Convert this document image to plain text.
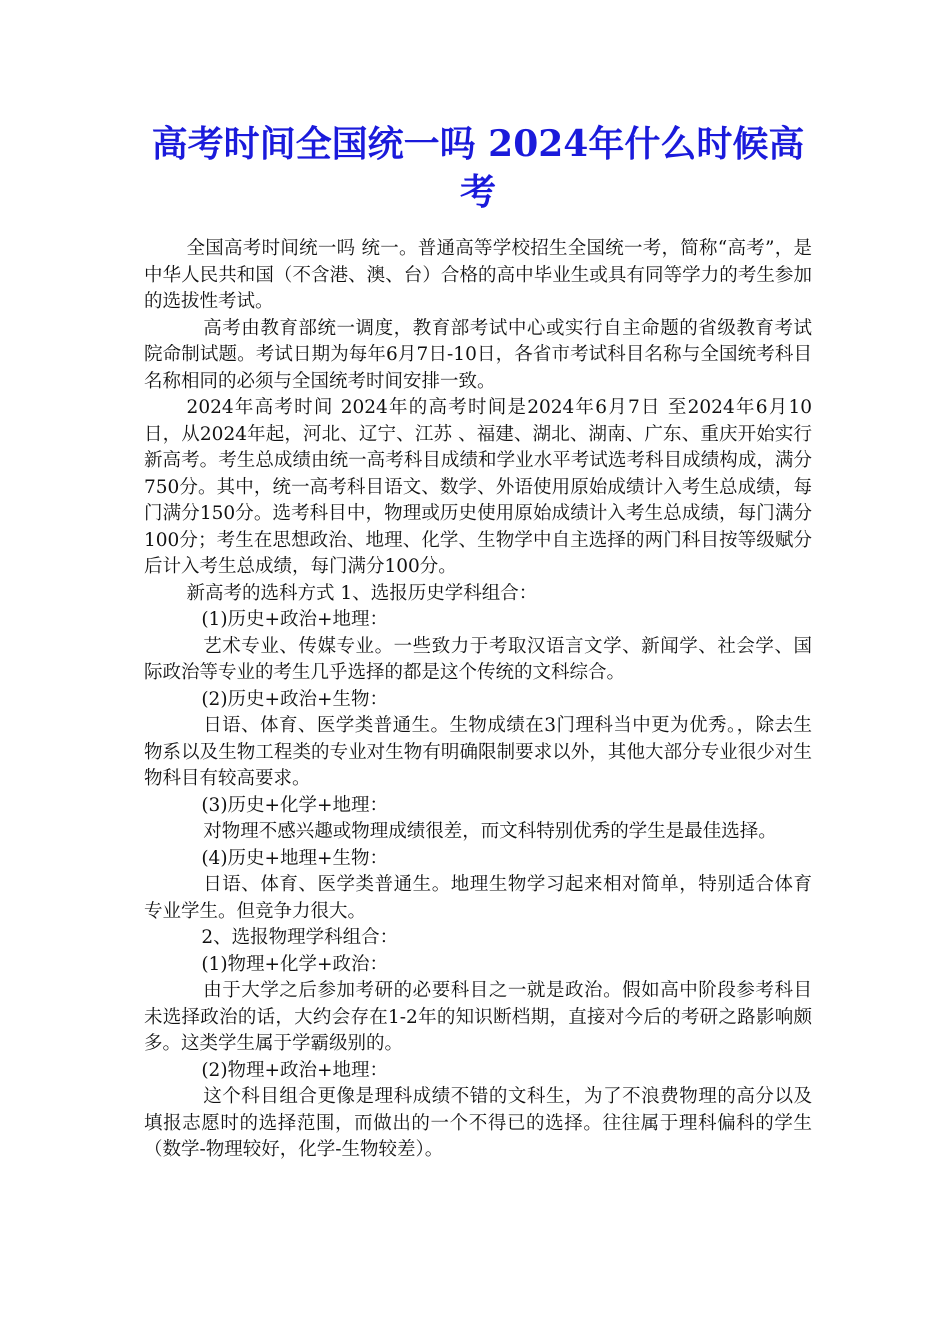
高考时间全国统一吗 2024年什么时候高考

全国高考时间统一吗 统一。普通高等学校招生全国统一考，简称“高考”，是中华人民共和国（不含港、澳、台）合格的高中毕业生或具有同等学力的考生参加的选拔性考试。

高考由教育部统一调度，教育部考试中心或实行自主命题的省级教育考试院命制试题。考试日期为每年6月7日-10日，各省市考试科目名称与全国统考科目名称相同的必须与全国统考时间安排一致。

2024年高考时间 2024年的高考时间是2024年6月7日 至2024年6月10日，从2024年起，河北、辽宁、江苏 、福建、湖北、湖南、广东、重庆开始实行新高考。考生总成绩由统一高考科目成绩和学业水平考试选考科目成绩构成，满分750分。其中，统一高考科目语文、数学、外语使用原始成绩计入考生总成绩，每门满分150分。选考科目中，物理或历史使用原始成绩计入考生总成绩，每门满分100分；考生在思想政治、地理、化学、生物学中自主选择的两门科目按等级赋分后计入考生总成绩，每门满分100分。

新高考的选科方式 1、选报历史学科组合：

(1)历史+政治+地理：

艺术专业、传媒专业。一些致力于考取汉语言文学、新闻学、社会学、国际政治等专业的考生几乎选择的都是这个传统的文科综合。

(2)历史+政治+生物：

日语、体育、医学类普通生。生物成绩在3门理科当中更为优秀。，除去生物系以及生物工程类的专业对生物有明确限制要求以外，其他大部分专业很少对生物科目有较高要求。

(3)历史+化学+地理：

对物理不感兴趣或物理成绩很差，而文科特别优秀的学生是最佳选择。

(4)历史+地理+生物：

日语、体育、医学类普通生。地理生物学习起来相对简单，特别适合体育专业学生。但竞争力很大。

2、选报物理学科组合：

(1)物理+化学+政治：

由于大学之后参加考研的必要科目之一就是政治。假如高中阶段参考科目未选择政治的话，大约会存在1-2年的知识断档期，直接对今后的考研之路影响颇多。这类学生属于学霸级别的。

(2)物理+政治+地理：

这个科目组合更像是理科成绩不错的文科生，为了不浪费物理的高分以及填报志愿时的选择范围，而做出的一个不得已的选择。往往属于理科偏科的学生（数学-物理较好，化学-生物较差）。
